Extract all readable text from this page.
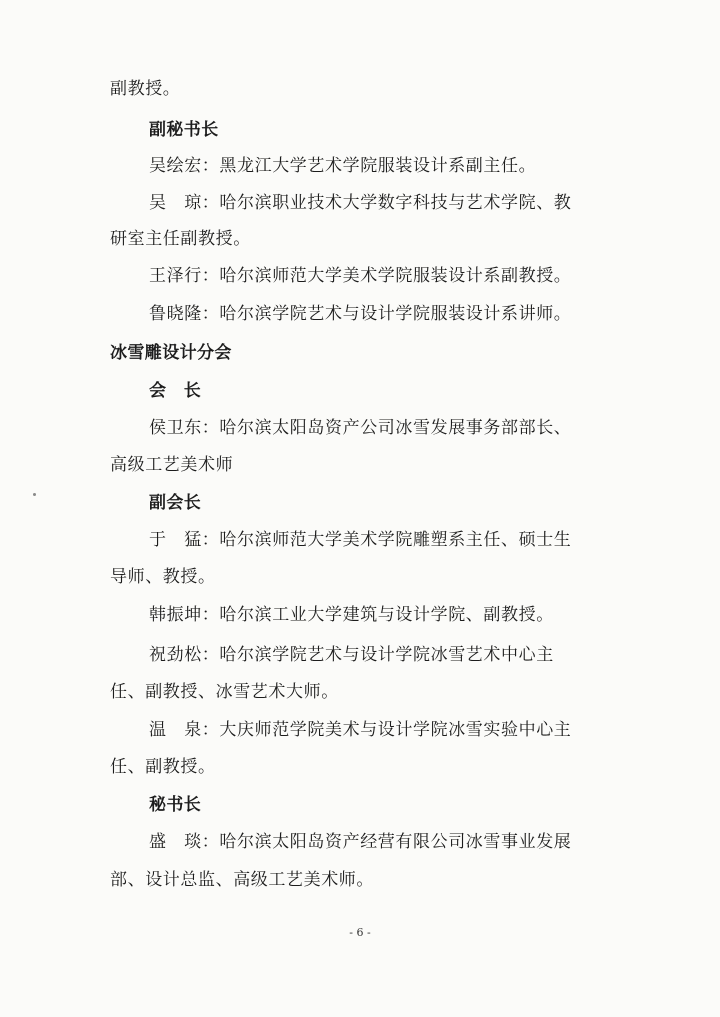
副教授。
副秘书长
吴绘宏：黑龙江大学艺术学院服装设计系副主任。
吴　琼：哈尔滨职业技术大学数字科技与艺术学院、教
研室主任副教授。
王泽行：哈尔滨师范大学美术学院服装设计系副教授。
鲁晓隆：哈尔滨学院艺术与设计学院服装设计系讲师。
冰雪雕设计分会
会　长
侯卫东：哈尔滨太阳岛资产公司冰雪发展事务部部长、
高级工艺美术师
副会长
于　猛：哈尔滨师范大学美术学院雕塑系主任、硕士生
导师、教授。
韩振坤：哈尔滨工业大学建筑与设计学院、副教授。
祝劲松：哈尔滨学院艺术与设计学院冰雪艺术中心主
任、副教授、冰雪艺术大师。
温　泉：大庆师范学院美术与设计学院冰雪实验中心主
任、副教授。
秘书长
盛　琰：哈尔滨太阳岛资产经营有限公司冰雪事业发展
部、设计总监、高级工艺美术师。
- 6 -
